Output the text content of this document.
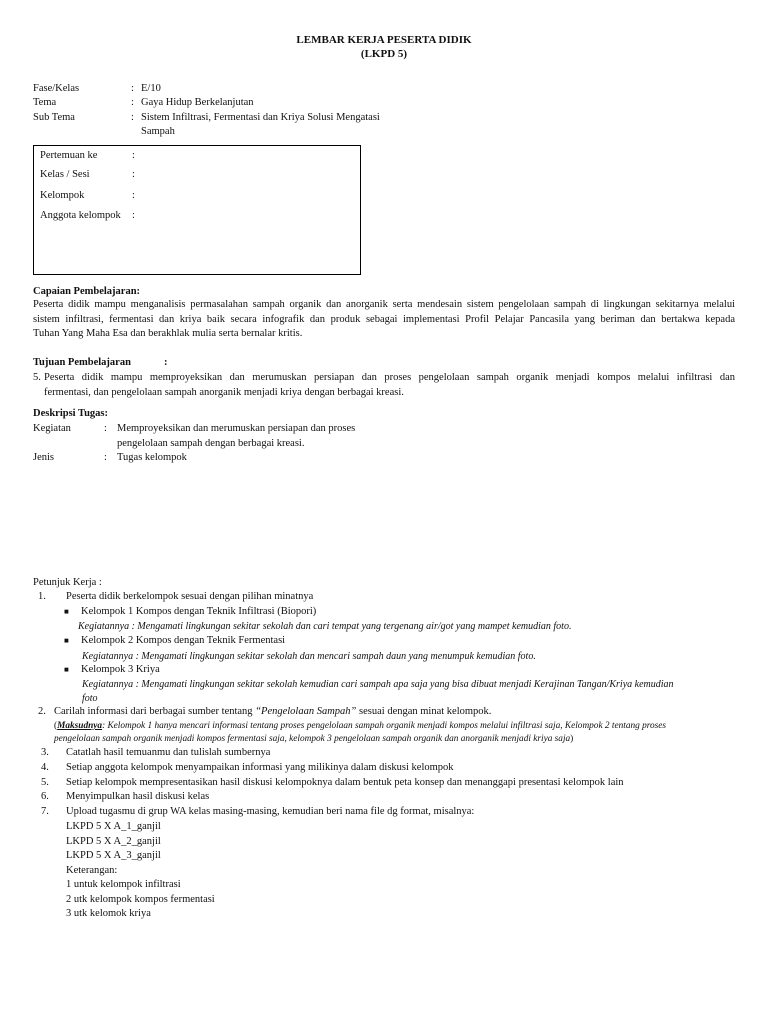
LEMBAR KERJA PESERTA DIDIK
(LKPD 5)
Fase/Kelas	: E/10
Tema	: Gaya Hidup Berkelanjutan
Sub Tema	: Sistem Infiltrasi, Fermentasi dan Kriya Solusi Mengatasi
Sampah
Pertemuan ke	:
Kelas / Sesi	:
Kelompok	:
Anggota kelompok :
Capaian Pembelajaran:
Peserta didik mampu menganalisis permasalahan sampah organik dan anorganik serta mendesain sistem pengelolaan sampah di lingkungan sekitarnya melalui
sistem infiltrasi, fermentasi dan kriya baik secara infografik dan produk sebagai implementasi Profil Pelajar Pancasila yang beriman dan bertakwa kepada
Tuhan Yang Maha Esa dan berakhlak mulia serta bernalar kritis.
Tujuan Pembelajaran	:
5. Peserta didik mampu memproyeksikan dan merumuskan persiapan dan proses pengelolaan sampah organik menjadi kompos melalui infiltrasi dan
fermentasi, dan pengelolaan sampah anorganik menjadi kriya dengan berbagai kreasi.
Deskripsi Tugas:
Kegiatan	: Memproyeksikan dan merumuskan persiapan dan proses
pengelolaan sampah dengan berbagai kreasi.
Jenis	: Tugas kelompok
Petunjuk Kerja :
1. Peserta didik berkelompok sesuai dengan pilihan minatnya
■ Kelompok 1 Kompos dengan Teknik Infiltrasi (Biopori)
Kegiatannya : Mengamati lingkungan sekitar sekolah dan cari tempat yang tergenang air/got yang mampet kemudian foto.
■ Kelompok 2 Kompos dengan Teknik Fermentasi
Kegiatannya : Mengamati lingkungan sekitar sekolah dan mencari sampah daun yang menumpuk kemudian foto.
■ Kelompok 3 Kriya
Kegiatannya : Mengamati lingkungan sekitar sekolah kemudian cari sampah apa saja yang bisa dibuat menjadi Kerajinan Tangan/Kriya kemudian
foto
2. Carilah informasi dari berbagai sumber tentang “Pengelolaan Sampah” sesuai dengan minat kelompok.
(Maksudnya: Kelompok 1 hanya mencari informasi tentang proses pengelolaan sampah organik menjadi kompos melalui infiltrasi saja, Kelompok 2 tentang proses
pengelolaan sampah organik menjadi kompos fermentasi saja, kelompok 3 pengelolaan sampah organik dan anorganik menjadi kriya saja)
3. Catatlah hasil temuanmu dan tulislah sumbernya
4. Setiap anggota kelompok menyampaikan informasi yang milikinya dalam diskusi kelompok
5. Setiap kelompok mempresentasikan hasil diskusi kelompoknya dalam bentuk peta konsep dan menanggapi presentasi kelompok lain
6. Menyimpulkan hasil diskusi kelas
7. Upload tugasmu di grup WA kelas masing-masing, kemudian beri nama file dg format, misalnya:
LKPD 5 X A_1_ganjil
LKPD 5 X A_2_ganjil
LKPD 5 X A_3_ganjil
Keterangan:
1 untuk kelompok infiltrasi
2 utk kelompok kompos fermentasi
3 utk kelomok kriya
